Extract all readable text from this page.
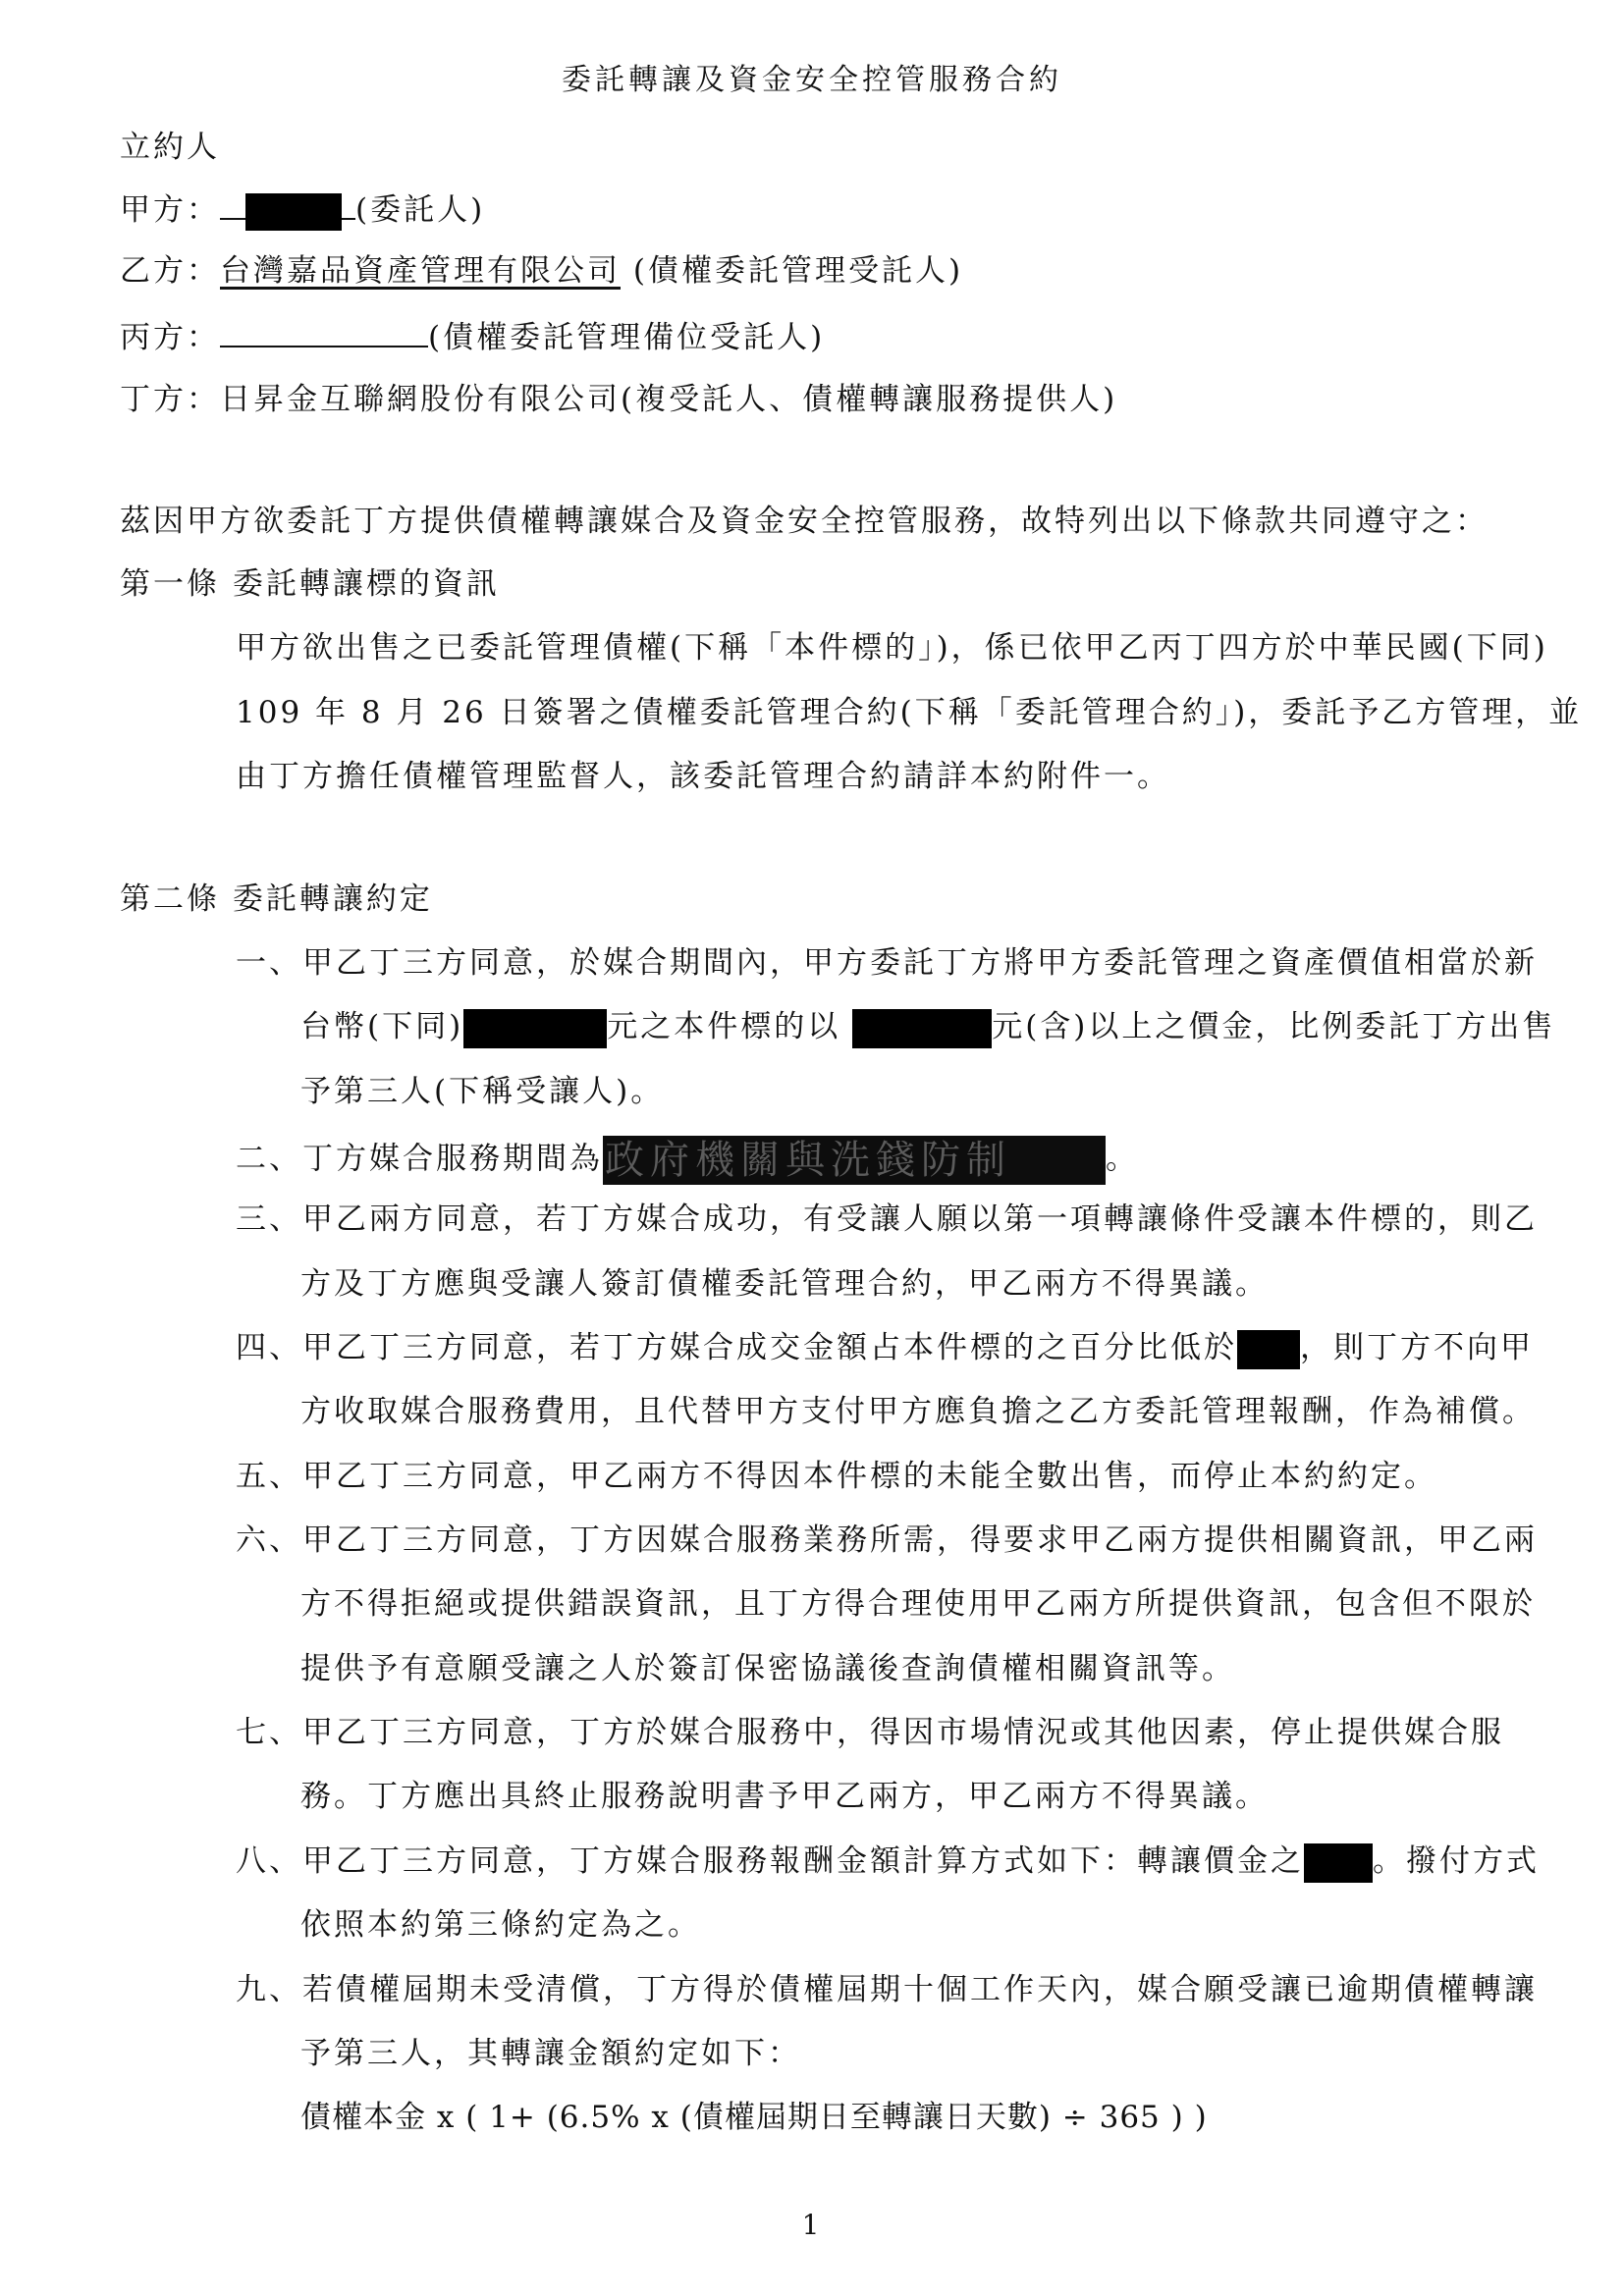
委託轉讓及資金安全控管服務合約
立約人
甲方：	(委託人)
乙方：台灣嘉品資產管理有限公司 (債權委託管理受託人)
丙方：	(債權委託管理備位受託人)
丁方：日昇金互聯網股份有限公司(複受託人、債權轉讓服務提供人)
茲因甲方欲委託丁方提供債權轉讓媒合及資金安全控管服務，故特列出以下條款共同遵守之：
第一條 委託轉讓標的資訊
甲方欲出售之已委託管理債權(下稱「本件標的」)，係已依甲乙丙丁四方於中華民國(下同)
109 年 8 月 26 日簽署之債權委託管理合約(下稱「委託管理合約」)，委託予乙方管理，並
由丁方擔任債權管理監督人，該委託管理合約請詳本約附件一。
第二條 委託轉讓約定
一、甲乙丁三方同意，於媒合期間內，甲方委託丁方將甲方委託管理之資產價值相當於新
台幣(下同)	元之本件標的以	元(含)以上之價金，比例委託丁方出售
予第三人(下稱受讓人)。
二、丁方媒合服務期間為政府機關與洗錢防制	。
三、甲乙兩方同意，若丁方媒合成功，有受讓人願以第一項轉讓條件受讓本件標的，則乙
方及丁方應與受讓人簽訂債權委託管理合約，甲乙兩方不得異議。
四、甲乙丁三方同意，若丁方媒合成交金額占本件標的之百分比低於 ，則丁方不向甲
方收取媒合服務費用，且代替甲方支付甲方應負擔之乙方委託管理報酬，作為補償。
五、甲乙丁三方同意，甲乙兩方不得因本件標的未能全數出售，而停止本約約定。
六、甲乙丁三方同意，丁方因媒合服務業務所需，得要求甲乙兩方提供相關資訊，甲乙兩
方不得拒絕或提供錯誤資訊，且丁方得合理使用甲乙兩方所提供資訊，包含但不限於
提供予有意願受讓之人於簽訂保密協議後查詢債權相關資訊等。
七、甲乙丁三方同意，丁方於媒合服務中，得因市場情況或其他因素，停止提供媒合服
務。丁方應出具終止服務說明書予甲乙兩方，甲乙兩方不得異議。
八、甲乙丁三方同意，丁方媒合服務報酬金額計算方式如下：轉讓價金之 。撥付方式
依照本約第三條約定為之。
九、若債權屆期未受清償，丁方得於債權屆期十個工作天內，媒合願受讓已逾期債權轉讓
予第三人，其轉讓金額約定如下：
債權本金 x ( 1+ (6.5% x (債權屆期日至轉讓日天數) ÷ 365 ) )
1
